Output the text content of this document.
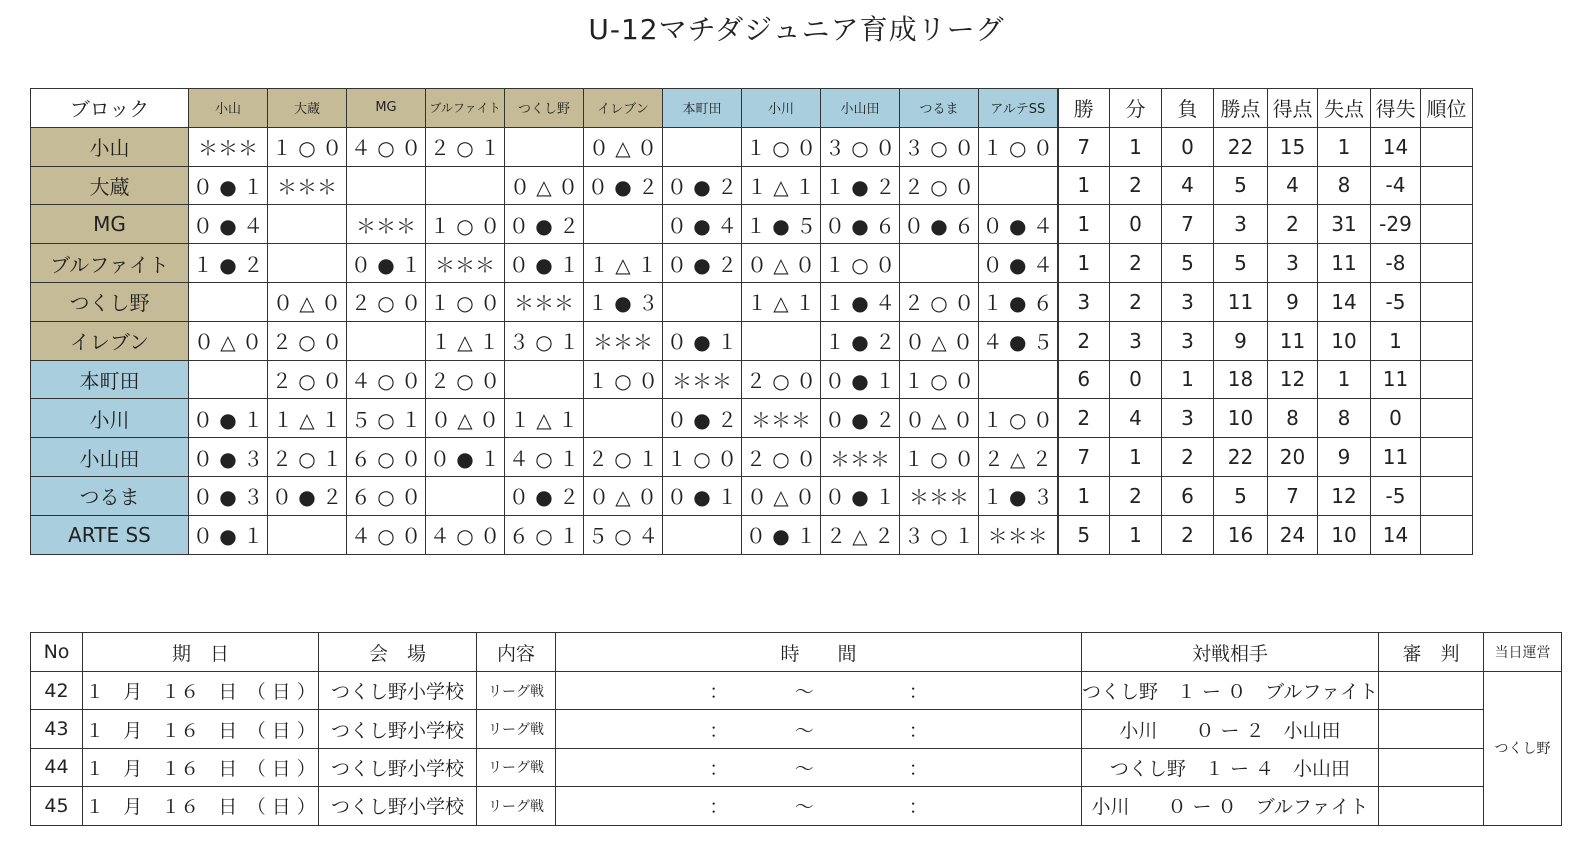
U-12マチダジュニア育成リーグ
ブロック	小山	大蔵	MG	ブルファイト	つくし野	イレブン	本町田	小川	小山田	つるま	アルテSS	勝	分	負	勝点	得点	失点	得失	順位
小山	＊＊＊	１ ○ ０	４ ○ ０	２ ○ １		０ △ ０		１ ○ ０	３ ○ ０	３ ○ ０	１ ○ ０	7	1	0	22	15	1	14	
大蔵	０ ● １	＊＊＊			０ △ ０	０ ● ２	０ ● ２	１ △ １	１ ● ２	２ ○ ０		1	2	4	5	4	8	-4	
MG	０ ● ４		＊＊＊	１ ○ ０	０ ● ２		０ ● ４	１ ● ５	０ ● ６	０ ● ６	０ ● ４	1	0	7	3	2	31	-29	
ブルファイト	１ ● ２		０ ● １	＊＊＊	０ ● １	１ △ １	０ ● ２	０ △ ０	１ ○ ０		０ ● ４	1	2	5	5	3	11	-8	
つくし野		０ △ ０	２ ○ ０	１ ○ ０	＊＊＊	１ ● ３		１ △ １	１ ● ４	２ ○ ０	１ ● ６	3	2	3	11	9	14	-5	
イレブン	０ △ ０	２ ○ ０		１ △ １	３ ○ １	＊＊＊	０ ● １		１ ● ２	０ △ ０	４ ● ５	2	3	3	9	11	10	1	
本町田		２ ○ ０	４ ○ ０	２ ○ ０		１ ○ ０	＊＊＊	２ ○ ０	０ ● １	１ ○ ０		6	0	1	18	12	1	11	
小川	０ ● １	１ △ １	５ ○ １	０ △ ０	１ △ １		０ ● ２	＊＊＊	０ ● ２	０ △ ０	１ ○ ０	2	4	3	10	8	8	0	
小山田	０ ● ３	２ ○ １	６ ○ ０	０ ● １	４ ○ １	２ ○ １	１ ○ ０	２ ○ ０	＊＊＊	１ ○ ０	２ △ ２	7	1	2	22	20	9	11	
つるま	０ ● ３	０ ● ２	６ ○ ０		０ ● ２	０ △ ０	０ ● １	０ △ ０	０ ● １	＊＊＊	１ ● ３	1	2	6	5	7	12	-5	
ARTE SS	０ ● １		４ ○ ０	４ ○ ０	６ ○ １	５ ○ ４		０ ● １	２ △ ２	３ ○ １	＊＊＊	5	1	2	16	24	10	14	
No	期　日	会　場	内容	時　　間	対戦相手	審　判	当日運営
42	１　月　１６　日　（ 日 ）	つくし野小学校	リーグ戦	：　　　　～　　　　　：	つくし野　１ ー ０　ブルファイト		つくし野
43	１　月　１６　日　（ 日 ）	つくし野小学校	リーグ戦	：　　　　～　　　　　：	小川　　０ ー ２　小山田		
44	１　月　１６　日　（ 日 ）	つくし野小学校	リーグ戦	：　　　　～　　　　　：	つくし野　１ ー ４　小山田		
45	１　月　１６　日　（ 日 ）	つくし野小学校	リーグ戦	：　　　　～　　　　　：	小川　　０ ー ０　ブルファイト		
